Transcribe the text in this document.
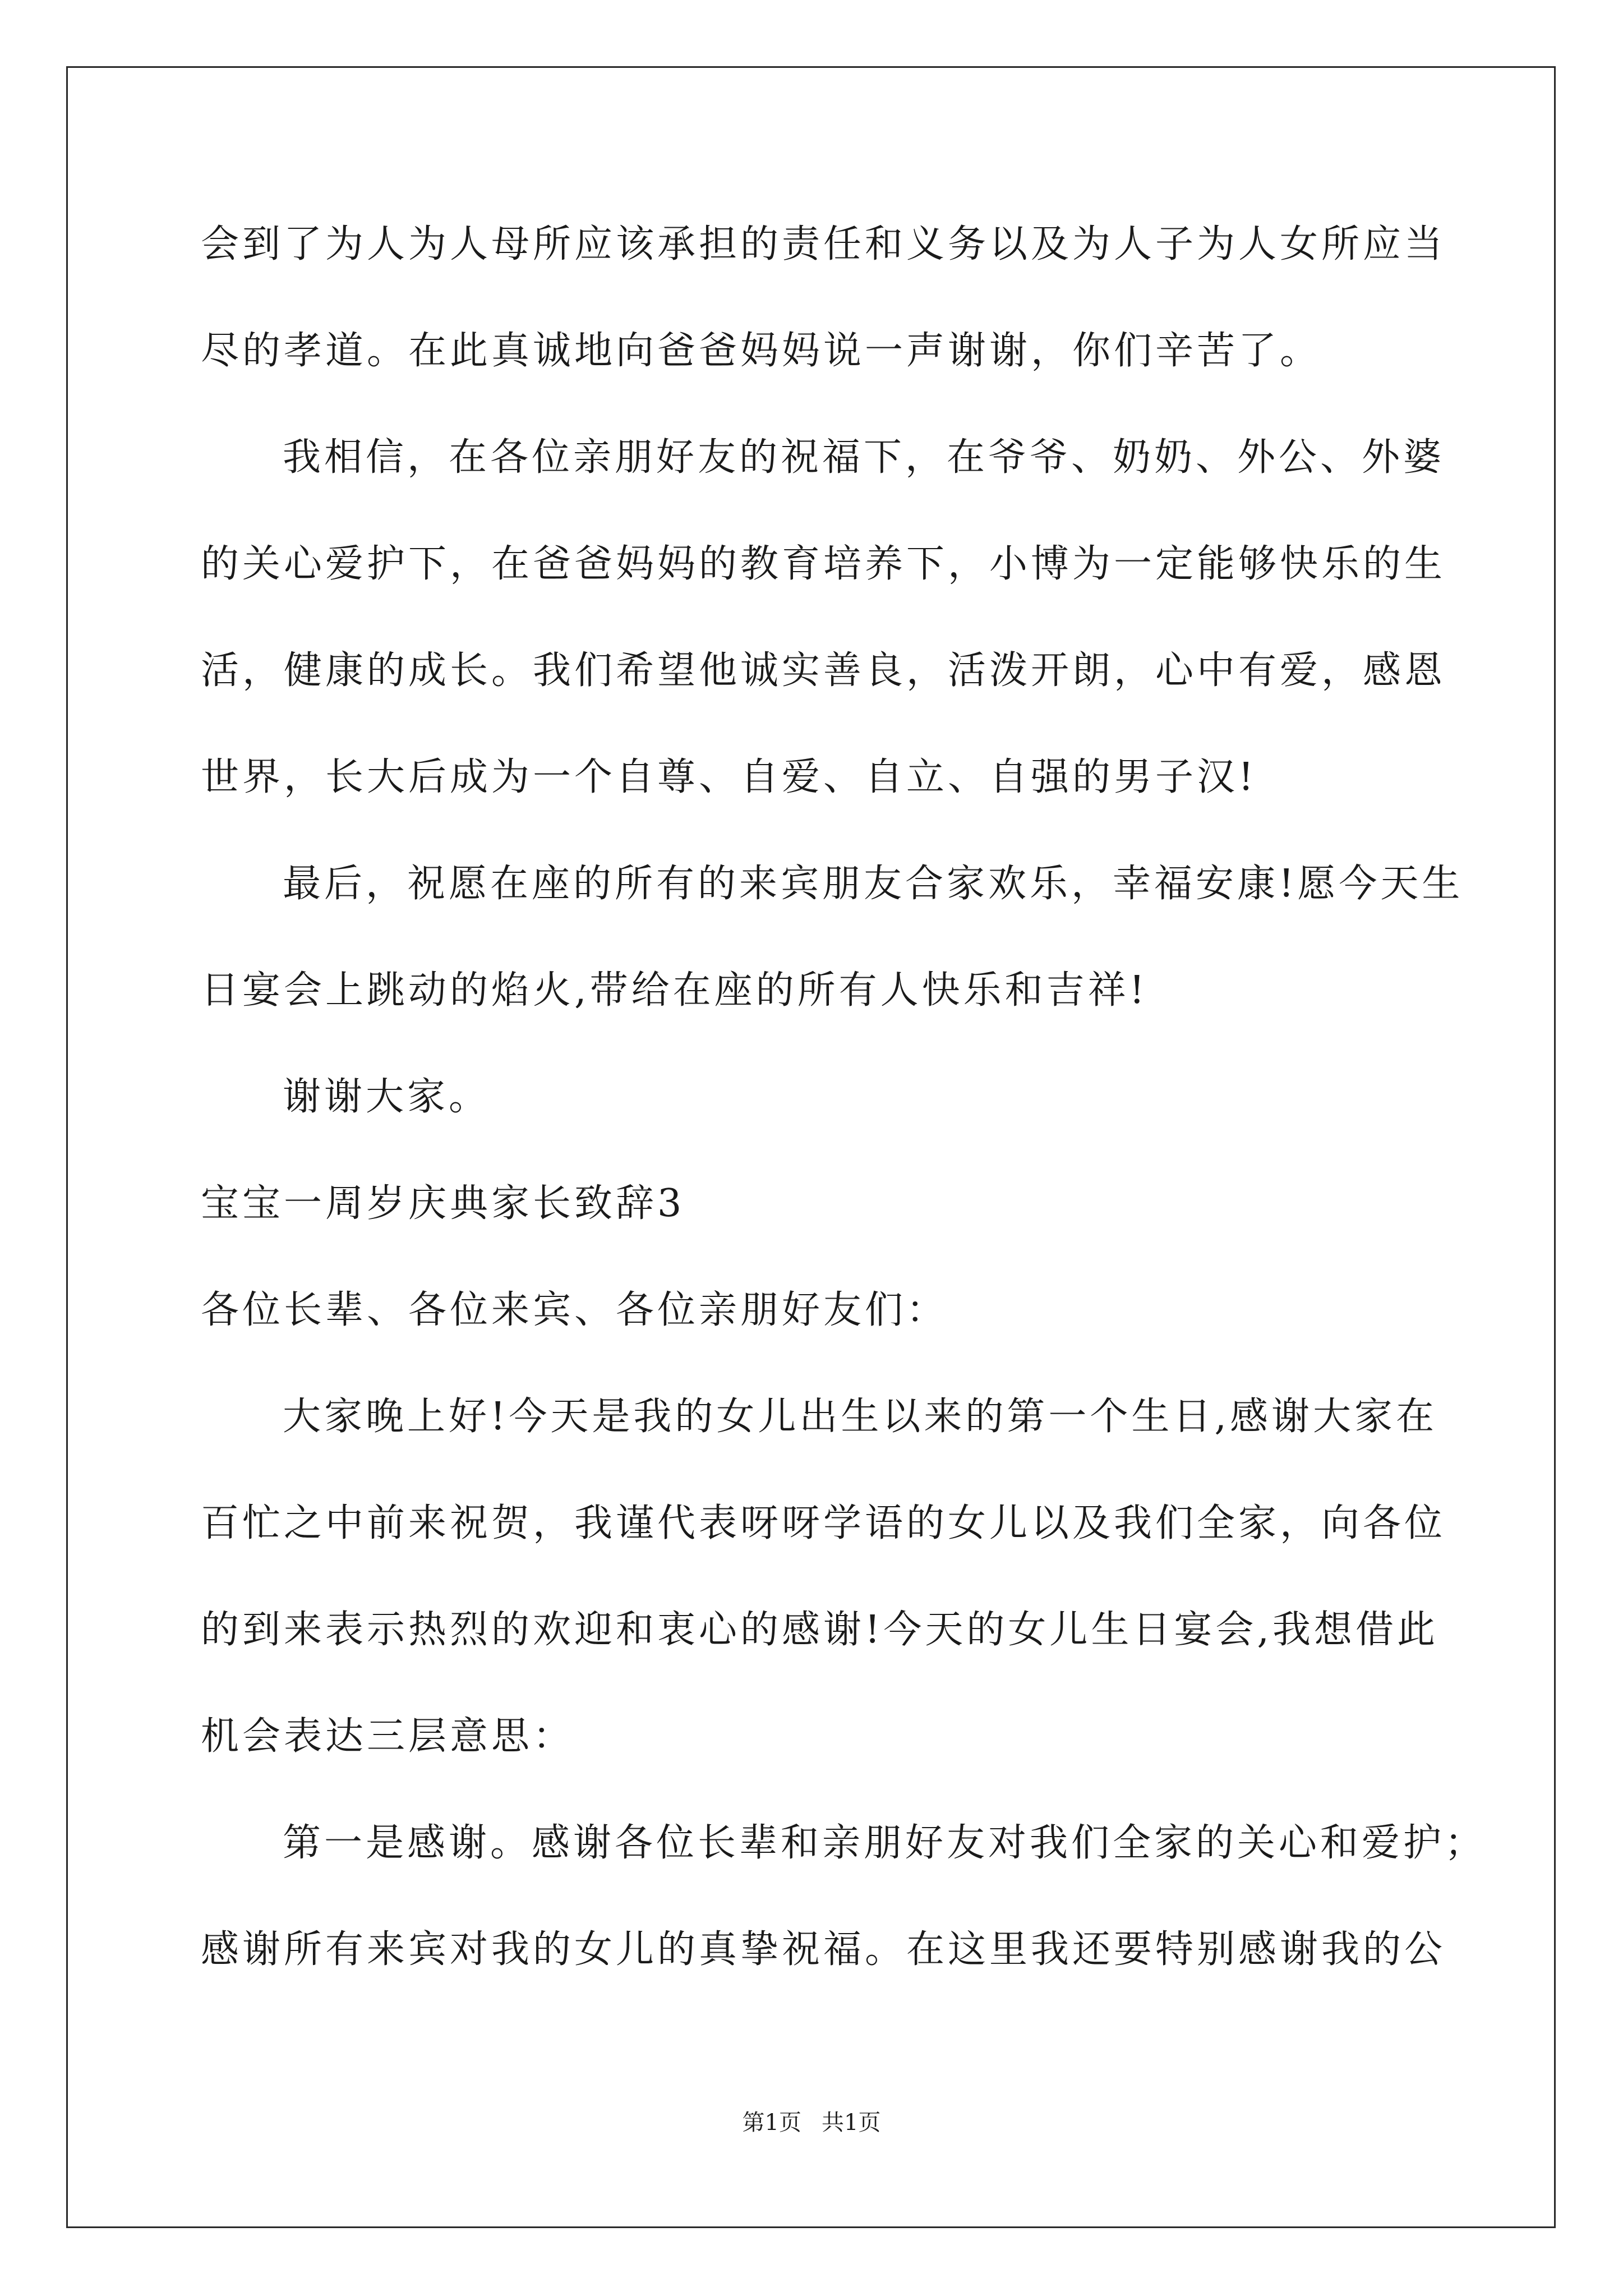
会到了为人为人母所应该承担的责任和义务以及为人子为人女所应当
尽的孝道。在此真诚地向爸爸妈妈说一声谢谢，你们辛苦了。
我相信，在各位亲朋好友的祝福下，在爷爷、奶奶、外公、外婆
的关心爱护下，在爸爸妈妈的教育培养下，小博为一定能够快乐的生
活，健康的成长。我们希望他诚实善良，活泼开朗，心中有爱，感恩
世界，长大后成为一个自尊、自爱、自立、自强的男子汉!
最后，祝愿在座的所有的来宾朋友合家欢乐，幸福安康!愿今天生
日宴会上跳动的焰火,带给在座的所有人快乐和吉祥!
谢谢大家。
宝宝一周岁庆典家长致辞3
各位长辈、各位来宾、各位亲朋好友们：
大家晚上好!今天是我的女儿出生以来的第一个生日,感谢大家在
百忙之中前来祝贺，我谨代表呀呀学语的女儿以及我们全家，向各位
的到来表示热烈的欢迎和衷心的感谢!今天的女儿生日宴会,我想借此
机会表达三层意思：
第一是感谢。感谢各位长辈和亲朋好友对我们全家的关心和爱护；
感谢所有来宾对我的女儿的真挚祝福。在这里我还要特别感谢我的公
第1页 共1页
